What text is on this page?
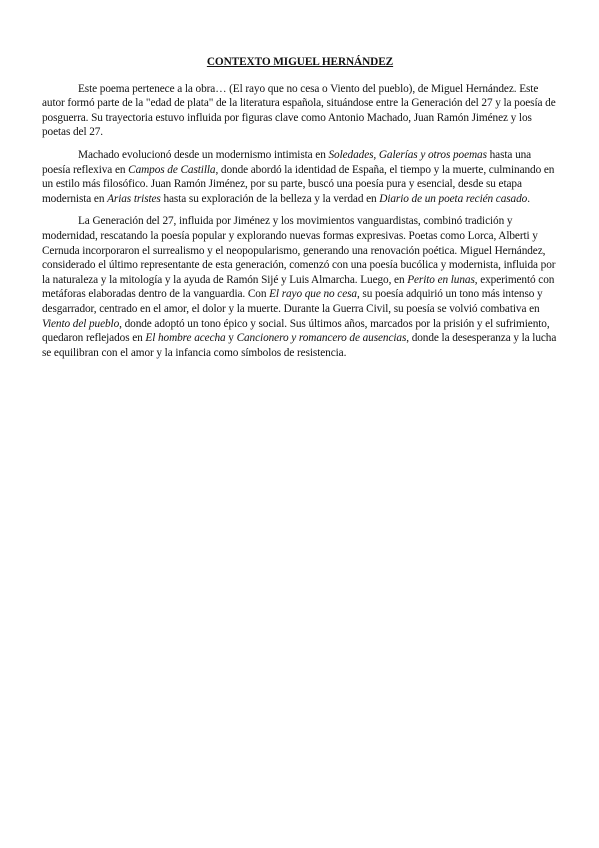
CONTEXTO MIGUEL HERNÁNDEZ

Este poema pertenece a la obra… (El rayo que no cesa o Viento del pueblo), de Miguel Hernández. Este autor formó parte de la "edad de plata" de la literatura española, situándose entre la Generación del 27 y la poesía de posguerra. Su trayectoria estuvo influida por figuras clave como Antonio Machado, Juan Ramón Jiménez y los poetas del 27.

Machado evolucionó desde un modernismo intimista en Soledades, Galerías y otros poemas hasta una poesía reflexiva en Campos de Castilla, donde abordó la identidad de España, el tiempo y la muerte, culminando en un estilo más filosófico. Juan Ramón Jiménez, por su parte, buscó una poesía pura y esencial, desde su etapa modernista en Arias tristes hasta su exploración de la belleza y la verdad en Diario de un poeta recién casado.

La Generación del 27, influida por Jiménez y los movimientos vanguardistas, combinó tradición y modernidad, rescatando la poesía popular y explorando nuevas formas expresivas. Poetas como Lorca, Alberti y Cernuda incorporaron el surrealismo y el neopopularismo, generando una renovación poética. Miguel Hernández, considerado el último representante de esta generación, comenzó con una poesía bucólica y modernista, influida por la naturaleza y la mitología y la ayuda de Ramón Sijé y Luis Almarcha. Luego, en Perito en lunas, experimentó con metáforas elaboradas dentro de la vanguardia. Con El rayo que no cesa, su poesía adquirió un tono más intenso y desgarrador, centrado en el amor, el dolor y la muerte. Durante la Guerra Civil, su poesía se volvió combativa en Viento del pueblo, donde adoptó un tono épico y social. Sus últimos años, marcados por la prisión y el sufrimiento, quedaron reflejados en El hombre acecha y Cancionero y romancero de ausencias, donde la desesperanza y la lucha se equilibran con el amor y la infancia como símbolos de resistencia.
